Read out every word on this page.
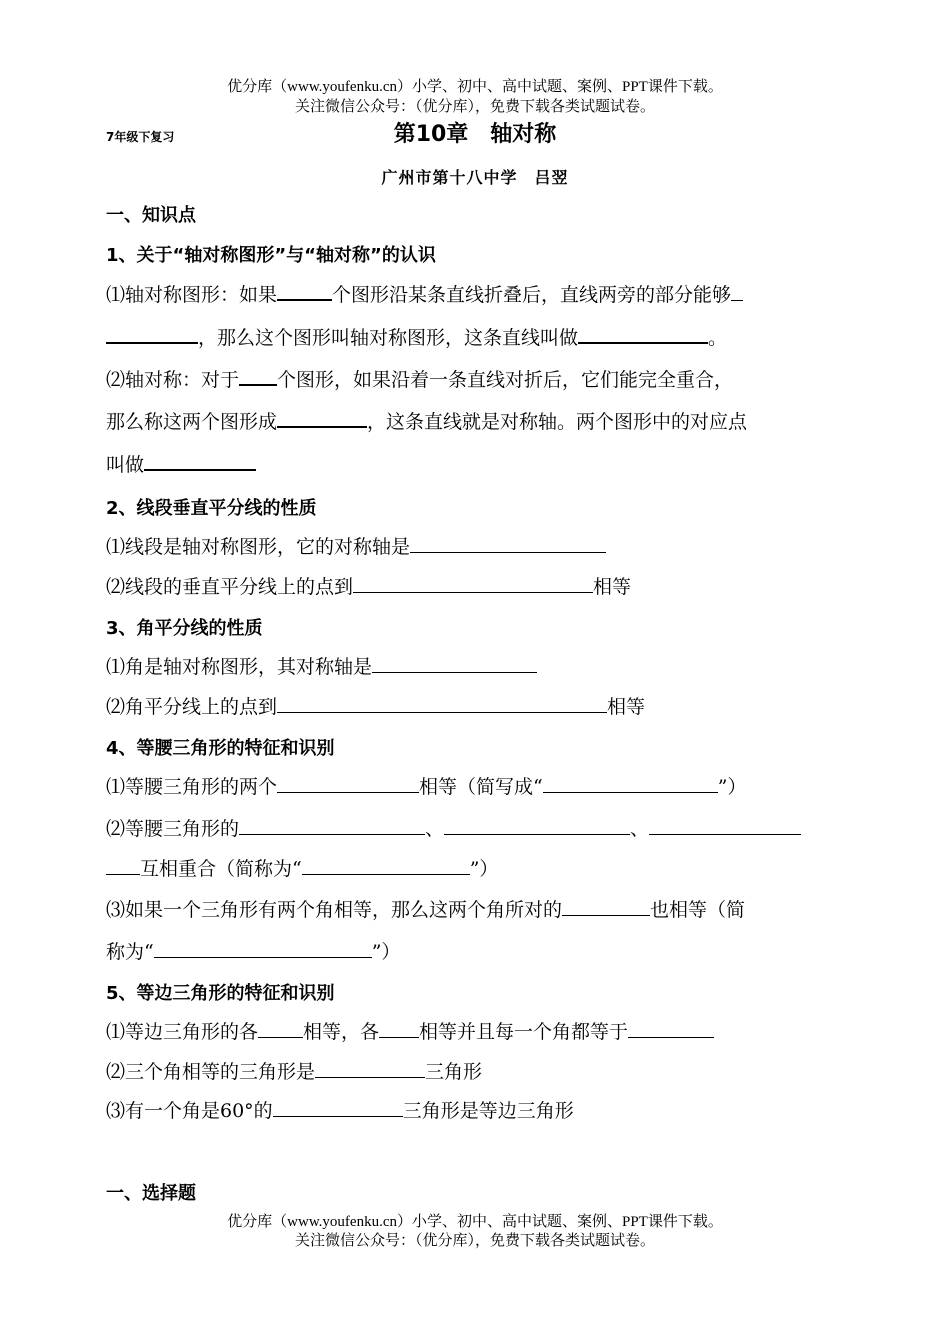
优分库（www.youfenku.cn）小学、初中、高中试题、案例、PPT课件下载。
关注微信公众号：（优分库），免费下载各类试题试卷。
7年级下复习	第10章　轴对称
广州市第十八中学　吕翌
一、知识点
1、关于“轴对称图形”与“轴对称”的认识
⑴轴对称图形：如果	个图形沿某条直线折叠后，直线两旁的部分能够
，那么这个图形叫轴对称图形，这条直线叫做	。
⑵轴对称：对于 个图形，如果沿着一条直线对折后，它们能完全重合，
那么称这两个图形成	，这条直线就是对称轴。两个图形中的对应点
叫做
2、线段垂直平分线的性质
⑴线段是轴对称图形，它的对称轴是
⑵线段的垂直平分线上的点到	相等
3、角平分线的性质
⑴角是轴对称图形，其对称轴是
⑵角平分线上的点到	相等
4、等腰三角形的特征和识别
⑴等腰三角形的两个	相等（简写成“	”）
⑵等腰三角形的	、	、
互相重合（简称为“	”）
⑶如果一个三角形有两个角相等，那么这两个角所对的	也相等（简
称为“	”）
5、等边三角形的特征和识别
⑴等边三角形的各 相等，各 相等并且每一个角都等于
⑵三个角相等的三角形是	三角形
⑶有一个角是60°的	三角形是等边三角形
一、选择题
优分库（www.youfenku.cn）小学、初中、高中试题、案例、PPT课件下载。
关注微信公众号：（优分库），免费下载各类试题试卷。
